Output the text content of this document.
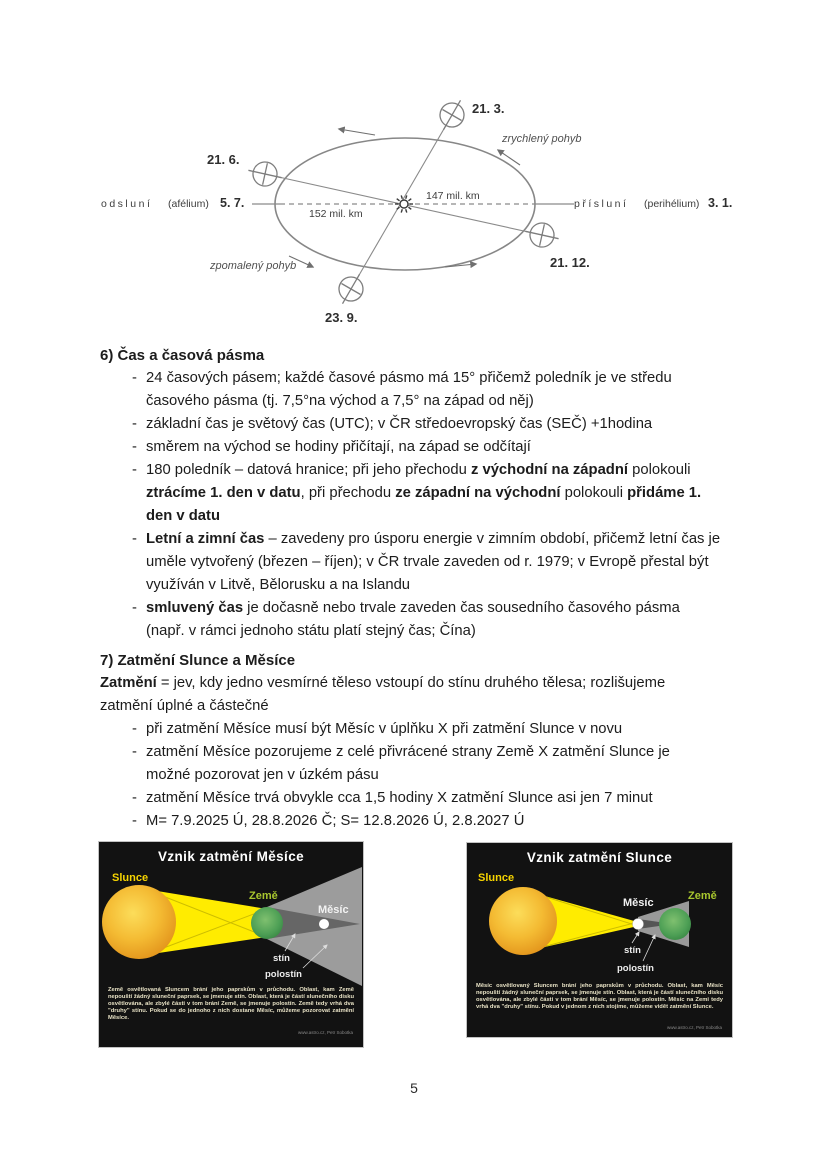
21. 3.
21. 6.
21. 12.
23. 9.
zrychlený pohyb
zpomalený pohyb
odsluní (afélium) 5. 7.	přísluní (perihélium) 3. 1.
147 mil. km
152 mil. km
6) Čas a časová pásma
- 24 časových pásem; každé časové pásmo má 15° přičemž poledník je ve středu
časového pásma (tj. 7,5°na východ a 7,5° na západ od něj)
- základní čas je světový čas (UTC); v ČR středoevropský čas (SEČ) +1hodina
- směrem na východ se hodiny přičítají, na západ se odčítají
- 180 poledník – datová hranice; při jeho přechodu z východní na západní polokouli
ztrácíme 1. den v datu, při přechodu ze západní na východní polokouli přidáme 1.
den v datu
- Letní a zimní čas – zavedeny pro úsporu energie v zimním období, přičemž letní čas je
uměle vytvořený (březen – říjen); v ČR trvale zaveden od r. 1979; v Evropě přestal být
využíván v Litvě, Bělorusku a na Islandu
- smluvený čas je dočasně nebo trvale zaveden čas sousedního časového pásma
(např. v rámci jednoho státu platí stejný čas; Čína)
7) Zatmění Slunce a Měsíce

Zatmění = jev, kdy jedno vesmírné těleso vstoupí do stínu druhého tělesa; rozlišujeme
zatmění úplné a částečné

- při zatmění Měsíce musí být Měsíc v úplňku X při zatmění Slunce v novu
- zatmění Měsíce pozorujeme z celé přivrácené strany Země X zatmění Slunce je
možné pozorovat jen v úzkém pásu
- zatmění Měsíce trvá obvykle cca 1,5 hodiny X zatmění Slunce asi jen 7 minut
- M= 7.9.2025 Ú, 28.8.2026 Č; S= 12.8.2026 Ú, 2.8.2027 Ú
Slunce
Země
Měsíc
stín
polostín
Vznik zatmění Měsíce
Země osvětlovaná Sluncem brání jeho paprskům v průchodu. Oblast, kam Země nepouští žádný sluneční paprsek, se jmenuje stín. Oblast, která je částí slunečního disku osvětlována, ale zbylé části v tom brání Země, se jmenuje polostín. Země tedy vrhá dva "druhy" stínu. Pokud se do jednoho z nich dostane Měsíc, můžeme pozorovat zatmění Měsíce.
www.astro.cz, Petr Sobotka
Slunce
Měsíc
Země
stín
polostín
Vznik zatmění Slunce
Měsíc osvětlovaný Sluncem brání jeho paprskům v průchodu. Oblast, kam Měsíc nepouští žádný sluneční paprsek, se jmenuje stín. Oblast, která je částí slunečního disku osvětlována, ale zbylé části v tom brání Měsíc, se jmenuje polostín. Měsíc na Zemi tedy vrhá dva "druhy" stínu. Pokud v jednom z nich stojíme, můžeme vidět zatmění Slunce.
www.astro.cz, Petr Sobotka
5
